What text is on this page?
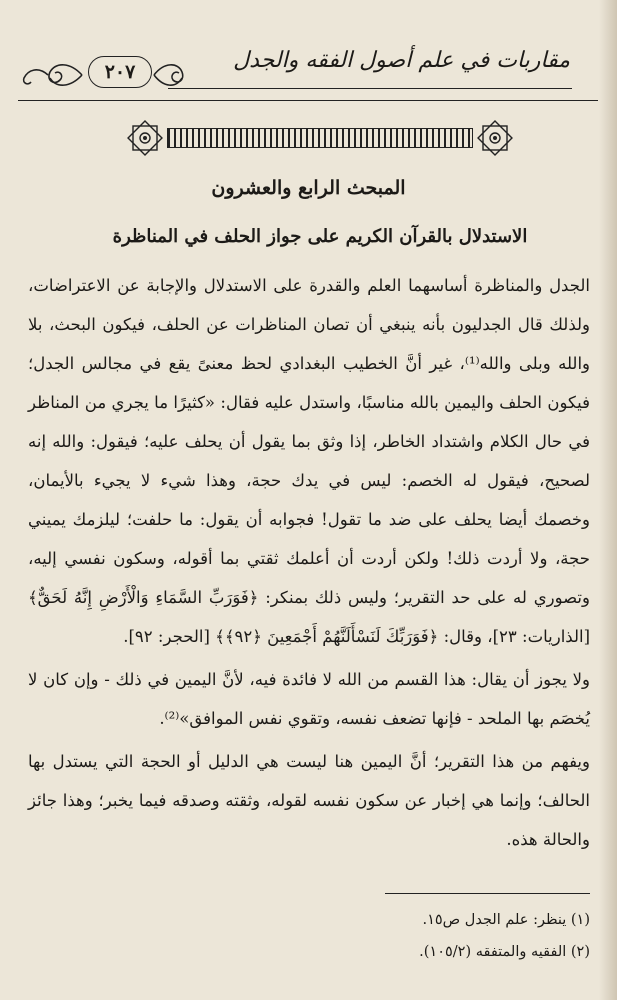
مقاربات في علم أصول الفقه والجدل
٢٠٧
المبحث الرابع والعشرون
الاستدلال بالقرآن الكريم على جواز الحلف في المناظرة

الجدل والمناظرة أساسهما العلم والقدرة على الاستدلال والإجابة عن الاعتراضات، ولذلك قال الجدليون بأنه ينبغي أن تصان المناظرات عن الحلف، فيكون البحث، بلا والله وبلى والله⁽¹⁾، غير أنَّ الخطيب البغدادي لحظ معنىً يقع في مجالس الجدل؛ فيكون الحلف واليمين بالله مناسبًا، واستدل عليه فقال: «كثيرًا ما يجري من المناظر في حال الكلام واشتداد الخاطر، إذا وثق بما يقول أن يحلف عليه؛ فيقول: والله إنه لصحيح، فيقول له الخصم: ليس في يدك حجة، وهذا شيء لا يجيء بالأيمان، وخصمك أيضا يحلف على ضد ما تقول! فجوابه أن يقول: ما حلفت؛ ليلزمك يميني حجة، ولا أردت ذلك! ولكن أردت أن أعلمك ثقتي بما أقوله، وسكون نفسي إليه، وتصوري له على حد التقرير؛ وليس ذلك بمنكر: ﴿فَوَرَبِّ السَّمَاءِ وَالْأَرْضِ إِنَّهُ لَحَقٌّ﴾ [الذاريات: ٢٣]، وقال: ﴿فَوَرَبِّكَ لَنَسْأَلَنَّهُمْ أَجْمَعِينَ ﴿٩٢﴾﴾ [الحجر: ٩٢].

ولا يجوز أن يقال: هذا القسم من الله لا فائدة فيه، لأنَّ اليمين في ذلك - وإن كان لا يُخصَم بها الملحد - فإنها تضعف نفسه، وتقوي نفس الموافق»⁽²⁾.

ويفهم من هذا التقرير؛ أنَّ اليمين هنا ليست هي الدليل أو الحجة التي يستدل بها الحالف؛ وإنما هي إخبار عن سكون نفسه لقوله، وثقته وصدقه فيما يخبر؛ وهذا جائز والحالة هذه.

(١) ينظر: علم الجدل ص١٥.
(٢) الفقيه والمتفقه (١٠٥/٢).
